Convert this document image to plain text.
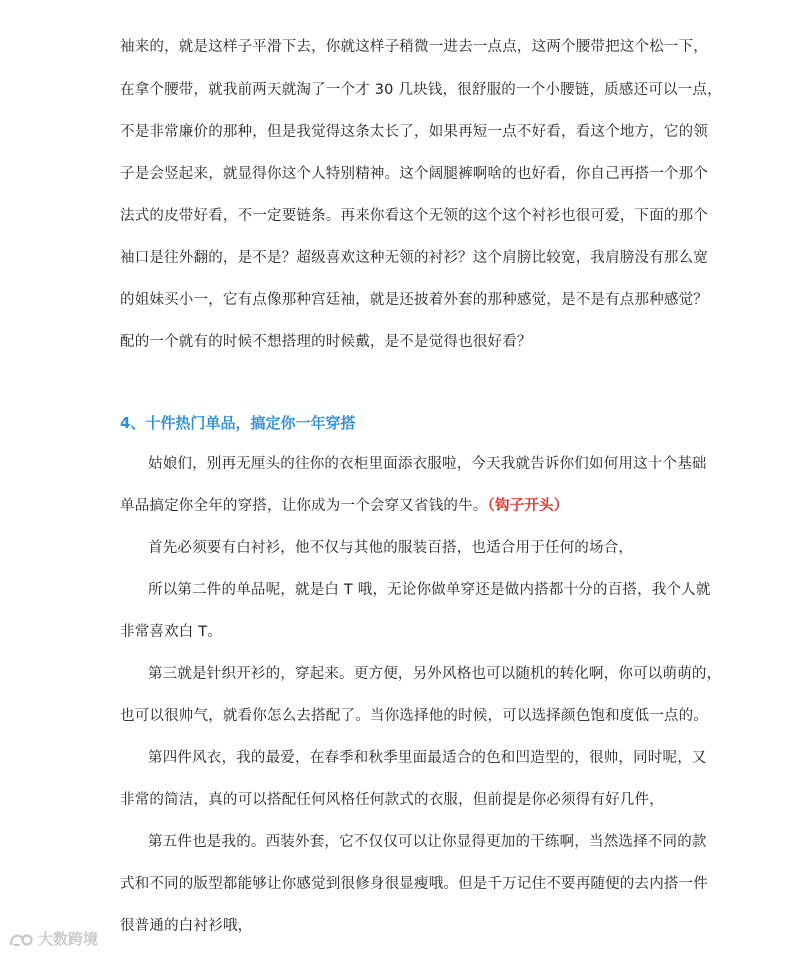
袖来的，就是这样子平滑下去，你就这样子稍微一进去一点点，这两个腰带把这个松一下，
在拿个腰带，就我前两天就淘了一个才 30 几块钱，很舒服的一个小腰链，质感还可以一点，
不是非常廉价的那种，但是我觉得这条太长了，如果再短一点不好看，看这个地方，它的领
子是会竖起来，就显得你这个人特别精神。这个阔腿裤啊啥的也好看，你自己再搭一个那个
法式的皮带好看，不一定要链条。再来你看这个无领的这个这个衬衫也很可爱，下面的那个
袖口是往外翻的，是不是？超级喜欢这种无领的衬衫？这个肩膀比较宽，我肩膀没有那么宽
的姐妹买小一，它有点像那种宫廷袖，就是还披着外套的那种感觉，是不是有点那种感觉？
配的一个就有的时候不想搭理的时候戴，是不是觉得也很好看？
4、十件热门单品，搞定你一年穿搭
姑娘们，别再无厘头的往你的衣柜里面添衣服啦，今天我就告诉你们如何用这十个基础
单品搞定你全年的穿搭，让你成为一个会穿又省钱的牛。（钩子开头）
首先必须要有白衬衫，他不仅与其他的服装百搭，也适合用于任何的场合，
所以第二件的单品呢，就是白 T 哦，无论你做单穿还是做内搭都十分的百搭，我个人就
非常喜欢白 T。
第三就是针织开衫的，穿起来。更方便，另外风格也可以随机的转化啊，你可以萌萌的，
也可以很帅气，就看你怎么去搭配了。当你选择他的时候，可以选择颜色饱和度低一点的。
第四件风衣，我的最爱，在春季和秋季里面最适合的色和凹造型的，很帅，同时呢，又
非常的简洁，真的可以搭配任何风格任何款式的衣服，但前提是你必须得有好几件，
第五件也是我的。西装外套，它不仅仅可以让你显得更加的干练啊，当然选择不同的款
式和不同的版型都能够让你感觉到很修身很显瘦哦。但是千万记住不要再随便的去内搭一件
很普通的白衬衫哦，
大数跨境
